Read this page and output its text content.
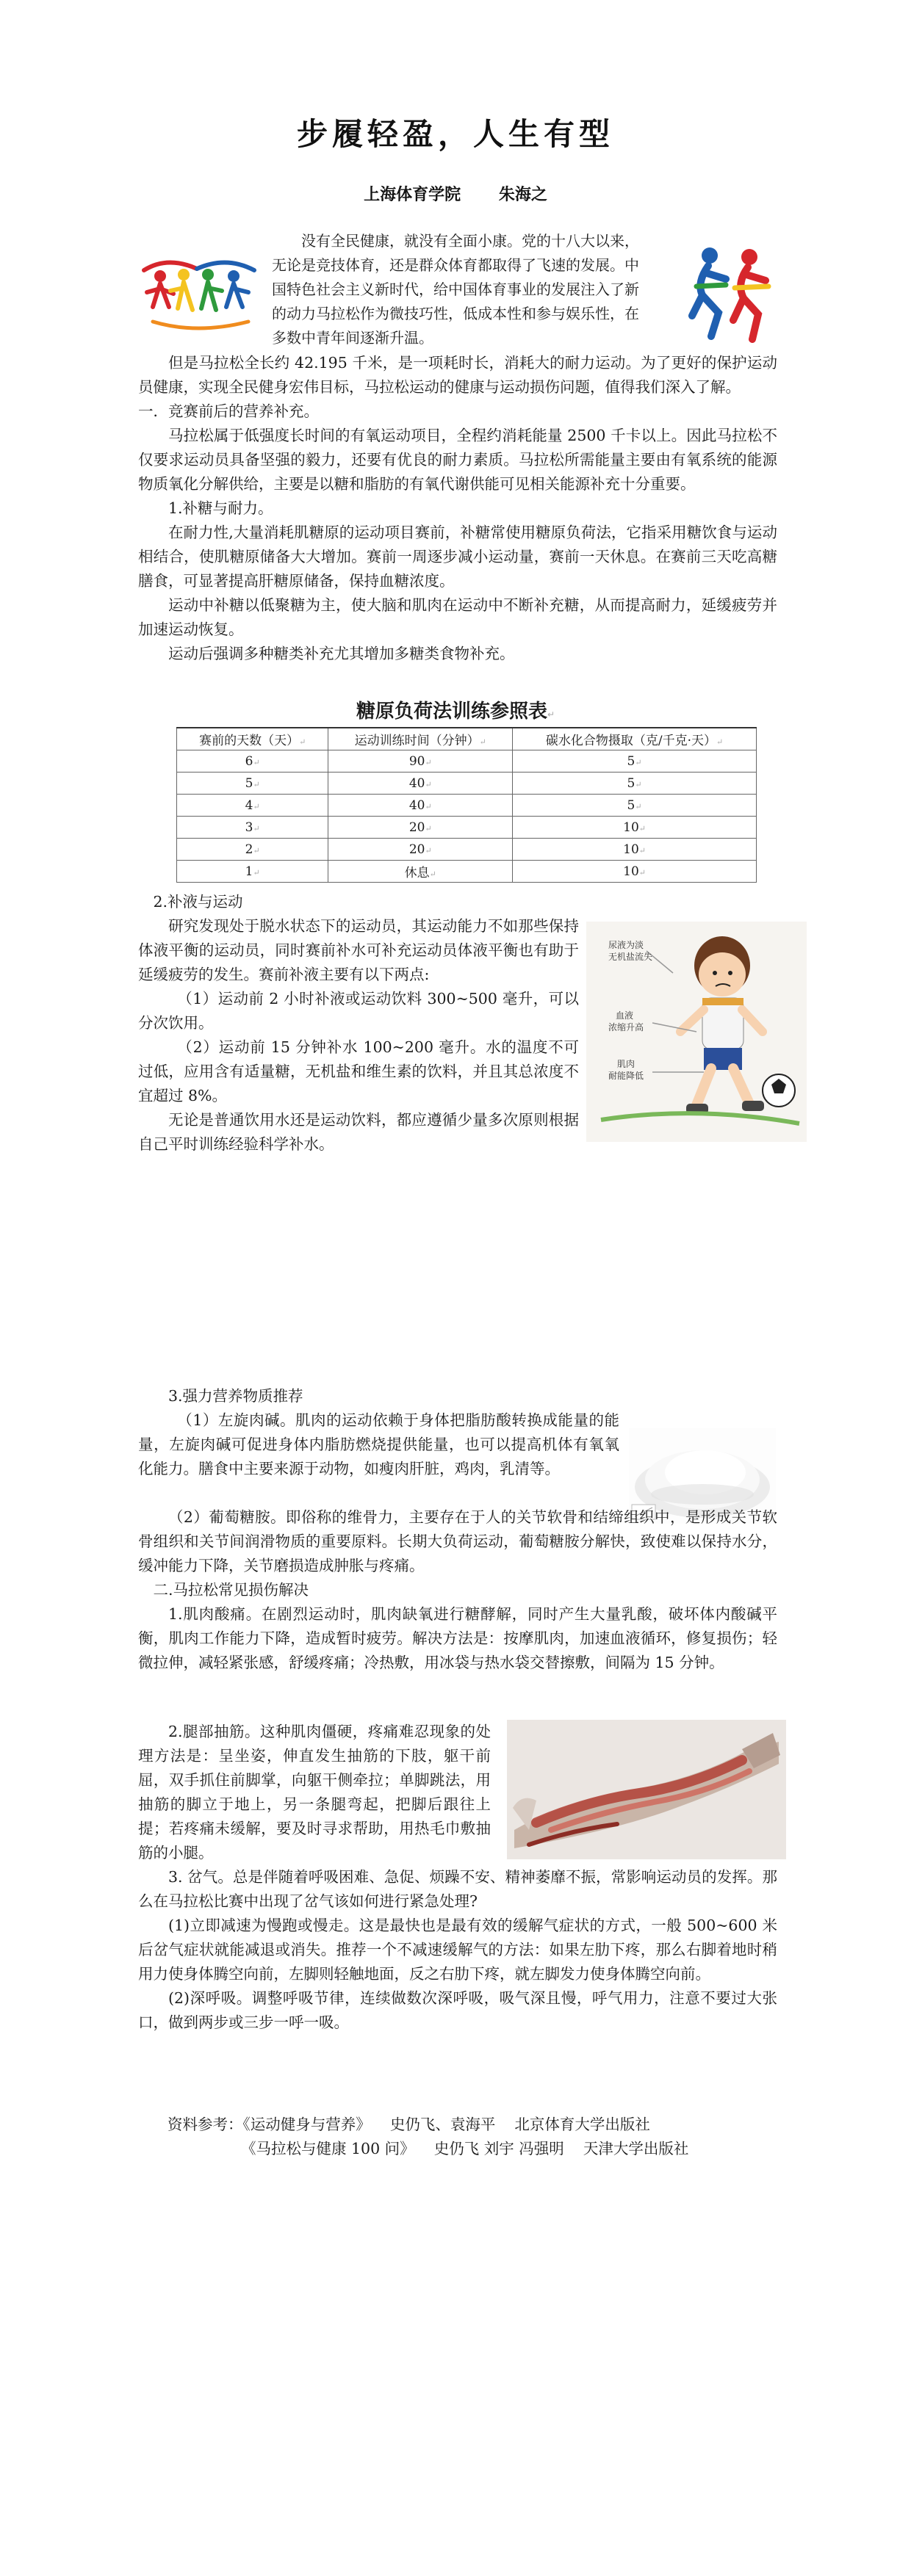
步履轻盈，人生有型
上海体育学院 朱海之

没有全民健康，就没有全面小康。党的十八大以来，

无论是竞技体育，还是群众体育都取得了飞速的发展。中

国特色社会主义新时代，给中国体育事业的发展注入了新

的动力马拉松作为微技巧性，低成本性和参与娱乐性，在

多数中青年间逐渐升温。

但是马拉松全长约 42.195 千米，是一项耗时长，消耗大的耐力运动。为了更好的保护运动员健康，实现全民健身宏伟目标，马拉松运动的健康与运动损伤问题，值得我们深入了解。

一．竞赛前后的营养补充。

马拉松属于低强度长时间的有氧运动项目，全程约消耗能量 2500 千卡以上。因此马拉松不仅要求运动员具备坚强的毅力，还要有优良的耐力素质。马拉松所需能量主要由有氧系统的能源物质氧化分解供给，主要是以糖和脂肪的有氧代谢供能可见相关能源补充十分重要。

1.补糖与耐力。

在耐力性,大量消耗肌糖原的运动项目赛前，补糖常使用糖原负荷法，它指采用糖饮食与运动相结合，使肌糖原储备大大增加。赛前一周逐步减小运动量，赛前一天休息。在赛前三天吃高糖膳食，可显著提高肝糖原储备，保持血糖浓度。

运动中补糖以低聚糖为主，使大脑和肌肉在运动中不断补充糖，从而提高耐力，延缓疲劳并加速运动恢复。

运动后强调多种糖类补充尤其增加多糖类食物补充。

糖原负荷法训练参照表↵
赛前的天数（天）↵	运动训练时间（分钟）↵	碳水化合物摄取（克/千克·天）↵
6↵	90↵	5↵
5↵	40↵	5↵
4↵	40↵	5↵
3↵	20↵	10↵
2↵	20↵	10↵
1↵	休息↵	10↵

2.补液与运动

研究发现处于脱水状态下的运动员，其运动能力不如那些保持体液平衡的运动员，同时赛前补水可补充运动员体液平衡也有助于延缓疲劳的发生。赛前补液主要有以下两点:

（1）运动前 2 小时补液或运动饮料 300~500 毫升，可以分次饮用。

（2）运动前 15 分钟补水 100~200 毫升。水的温度不可过低，应用含有适量糖，无机盐和维生素的饮料，并且其总浓度不宜超过 8%。

无论是普通饮用水还是运动饮料，都应遵循少量多次原则根据自己平时训练经验科学补水。

尿液为淡
无机盐流失
血液
浓缩升高
肌肉
耐能降低

3.强力营养物质推荐

（1）左旋肉碱。肌肉的运动依赖于身体把脂肪酸转换成能量的能量，左旋肉碱可促进身体内脂肪燃烧提供能量，也可以提高机体有氧氧化能力。膳食中主要来源于动物，如瘦肉肝脏，鸡肉，乳清等。

（2）葡萄糖胺。即俗称的维骨力，主要存在于人的关节软骨和结缔组织中，是形成关节软骨组织和关节间润滑物质的重要原料。长期大负荷运动，葡萄糖胺分解快，致使难以保持水分，缓冲能力下降，关节磨损造成肿胀与疼痛。

二.马拉松常见损伤解决

1.肌肉酸痛。在剧烈运动时，肌肉缺氧进行糖酵解，同时产生大量乳酸，破坏体内酸碱平衡，肌肉工作能力下降，造成暂时疲劳。解决方法是：按摩肌肉，加速血液循环，修复损伤；轻微拉伸，减轻紧张感，舒缓疼痛；冷热敷，用冰袋与热水袋交替擦敷，间隔为 15 分钟。

2.腿部抽筋。这种肌肉僵硬，疼痛难忍现象的处理方法是：呈坐姿，伸直发生抽筋的下肢，躯干前屈，双手抓住前脚掌，向躯干侧牵拉；单脚跳法，用抽筋的脚立于地上，另一条腿弯起，把脚后跟往上提；若疼痛未缓解，要及时寻求帮助，用热毛巾敷抽筋的小腿。

3. 岔气。总是伴随着呼吸困难、急促、烦躁不安、精神萎靡不振，常影响运动员的发挥。那么在马拉松比赛中出现了岔气该如何进行紧急处理?

(1)立即减速为慢跑或慢走。这是最快也是最有效的缓解气症状的方式，一般 500~600 米后岔气症状就能减退或消失。推荐一个不减速缓解气的方法：如果左肋下疼，那么右脚着地时稍用力使身体腾空向前，左脚则轻触地面，反之右肋下疼，就左脚发力使身体腾空向前。

(2)深呼吸。调整呼吸节律，连续做数次深呼吸，吸气深且慢，呼气用力，注意不要过大张口，做到两步或三步一呼一吸。

资料参考：《运动健身与营养》 史仍飞、袁海平 北京体育大学出版社

《马拉松与健康 100 问》 史仍飞 刘宇 冯强明 天津大学出版社
